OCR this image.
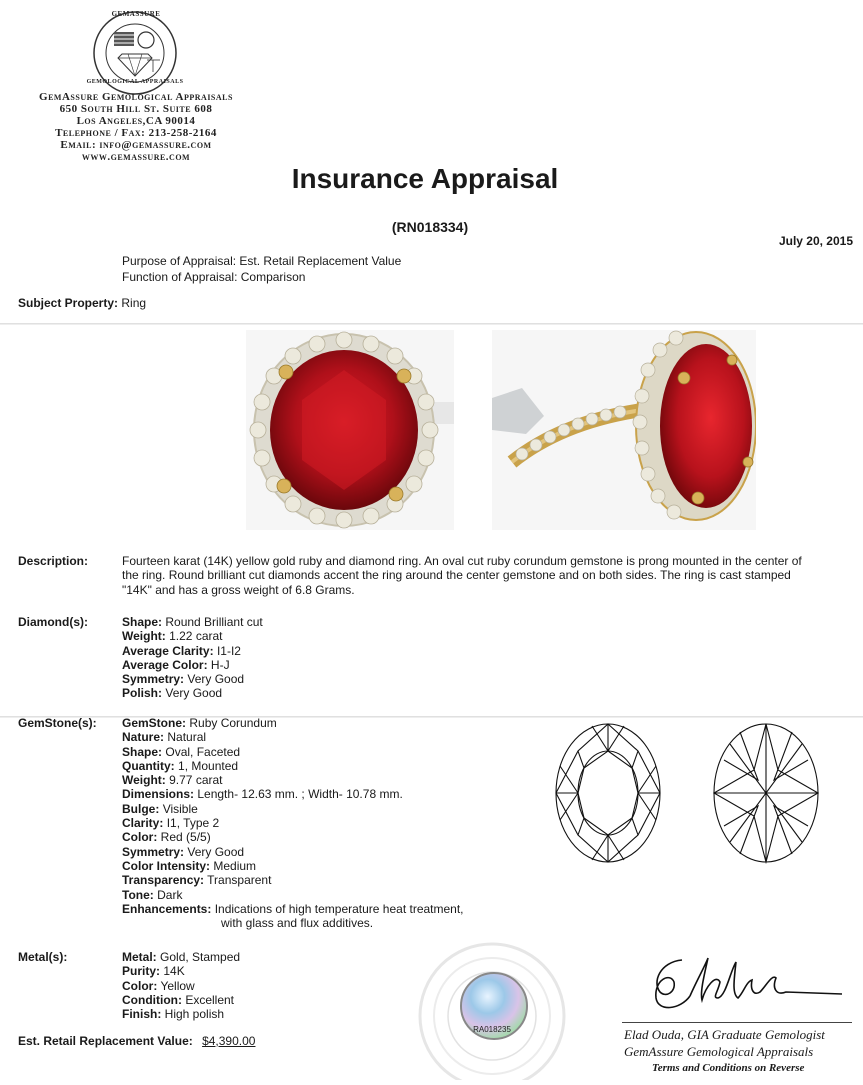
GEMASSURE
GEMOLOGICAL APPRAISALS
GemAssure Gemological Appraisals
650 South Hill St. Suite 608
Los Angeles,CA 90014
Telephone / Fax: 213-258-2164
Email: info@gemassure.com
www.gemassure.com
Insurance Appraisal
(RN018334)
July 20, 2015
Purpose of Appraisal: Est. Retail Replacement Value
Function of Appraisal: Comparison
Subject Property: Ring
Description:	Fourteen karat (14K) yellow gold ruby and diamond ring. An oval cut ruby corundum gemstone is prong mounted in the center of
the ring. Round brilliant cut diamonds accent the ring around the center gemstone and on both sides. The ring is cast stamped
"14K" and has a gross weight of 6.8 Grams.
Diamond(s):	Shape: Round Brilliant cut
Weight: 1.22 carat
Average Clarity: I1-I2
Average Color: H-J
Symmetry: Very Good
Polish: Very Good
GemStone(s): GemStone: Ruby Corundum
Nature: Natural
Shape: Oval, Faceted
Quantity: 1, Mounted
Weight: 9.77 carat
Dimensions: Length- 12.63 mm. ; Width- 10.78 mm.
Bulge: Visible
Clarity: I1, Type 2
Color: Red (5/5)
Symmetry: Very Good
Color Intensity: Medium
Transparency: Transparent
Tone: Dark
Enhancements: Indications of high temperature heat treatment,
with glass and flux additives.
Metal(s):	Metal: Gold, Stamped
Purity: 14K
Color: Yellow
Condition: Excellent
Finish: High polish
Est. Retail Replacement Value: $4,390.00
RA018235	Elad Ouda, GIA Graduate Gemologist
GemAssure Gemological Appraisals
Terms and Conditions on Reverse
